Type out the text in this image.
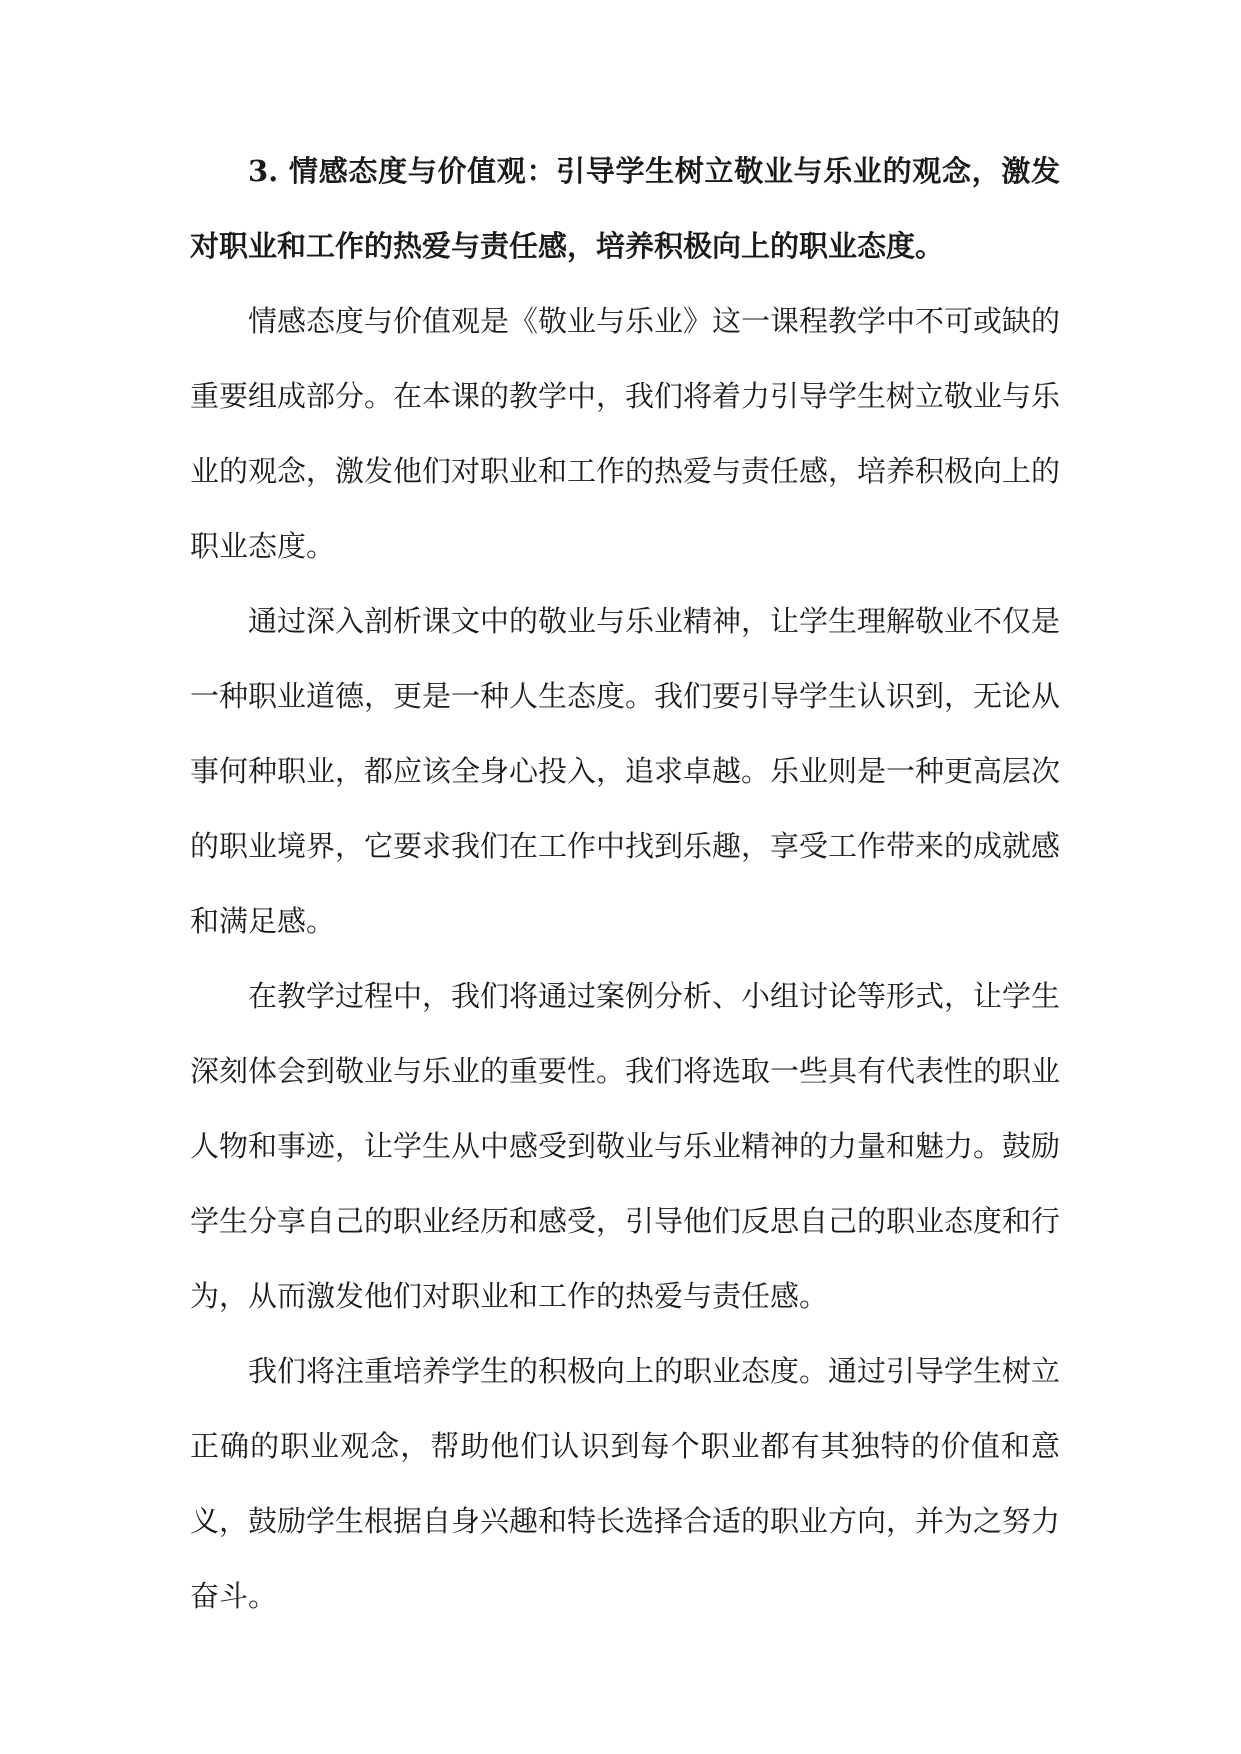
3. 情感态度与价值观：引导学生树立敬业与乐业的观念，激发对职业和工作的热爱与责任感，培养积极向上的职业态度。

情感态度与价值观是《敬业与乐业》这一课程教学中不可或缺的重要组成部分。在本课的教学中，我们将着力引导学生树立敬业与乐业的观念，激发他们对职业和工作的热爱与责任感，培养积极向上的职业态度。

通过深入剖析课文中的敬业与乐业精神，让学生理解敬业不仅是一种职业道德，更是一种人生态度。我们要引导学生认识到，无论从事何种职业，都应该全身心投入，追求卓越。乐业则是一种更高层次的职业境界，它要求我们在工作中找到乐趣，享受工作带来的成就感和满足感。

在教学过程中，我们将通过案例分析、小组讨论等形式，让学生深刻体会到敬业与乐业的重要性。我们将选取一些具有代表性的职业人物和事迹，让学生从中感受到敬业与乐业精神的力量和魅力。鼓励学生分享自己的职业经历和感受，引导他们反思自己的职业态度和行为，从而激发他们对职业和工作的热爱与责任感。

我们将注重培养学生的积极向上的职业态度。通过引导学生树立正确的职业观念，帮助他们认识到每个职业都有其独特的价值和意义，鼓励学生根据自身兴趣和特长选择合适的职业方向，并为之努力奋斗。
